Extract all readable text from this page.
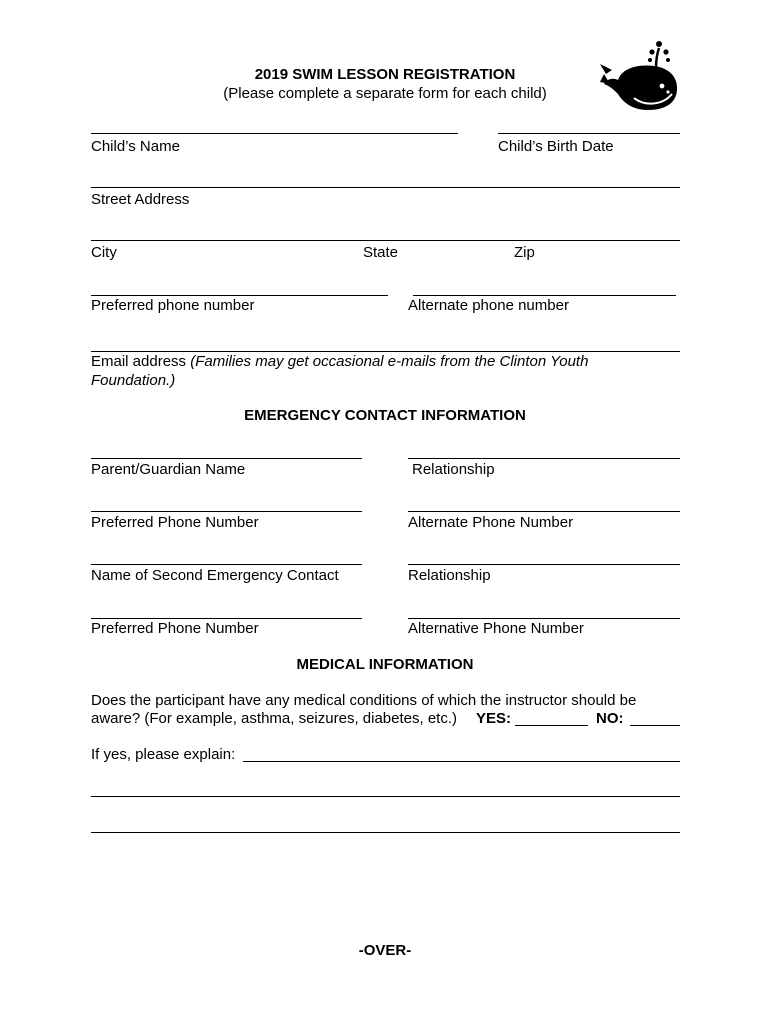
2019 SWIM LESSON REGISTRATION
(Please complete a separate form for each child)
Child’s Name	Child’s Birth Date
Street Address
City	State	Zip
Preferred phone number	Alternate phone number
Email address (Families may get occasional e-mails from the Clinton Youth
Foundation.)
EMERGENCY CONTACT INFORMATION
Parent/Guardian Name	Relationship
Preferred Phone Number	Alternate Phone Number
Name of Second Emergency Contact	Relationship
Preferred Phone Number	Alternative Phone Number
MEDICAL INFORMATION
Does the participant have any medical conditions of which the instructor should be
aware? (For example, asthma, seizures, diabetes, etc.) YES:	NO:
If yes, please explain:
-OVER-
